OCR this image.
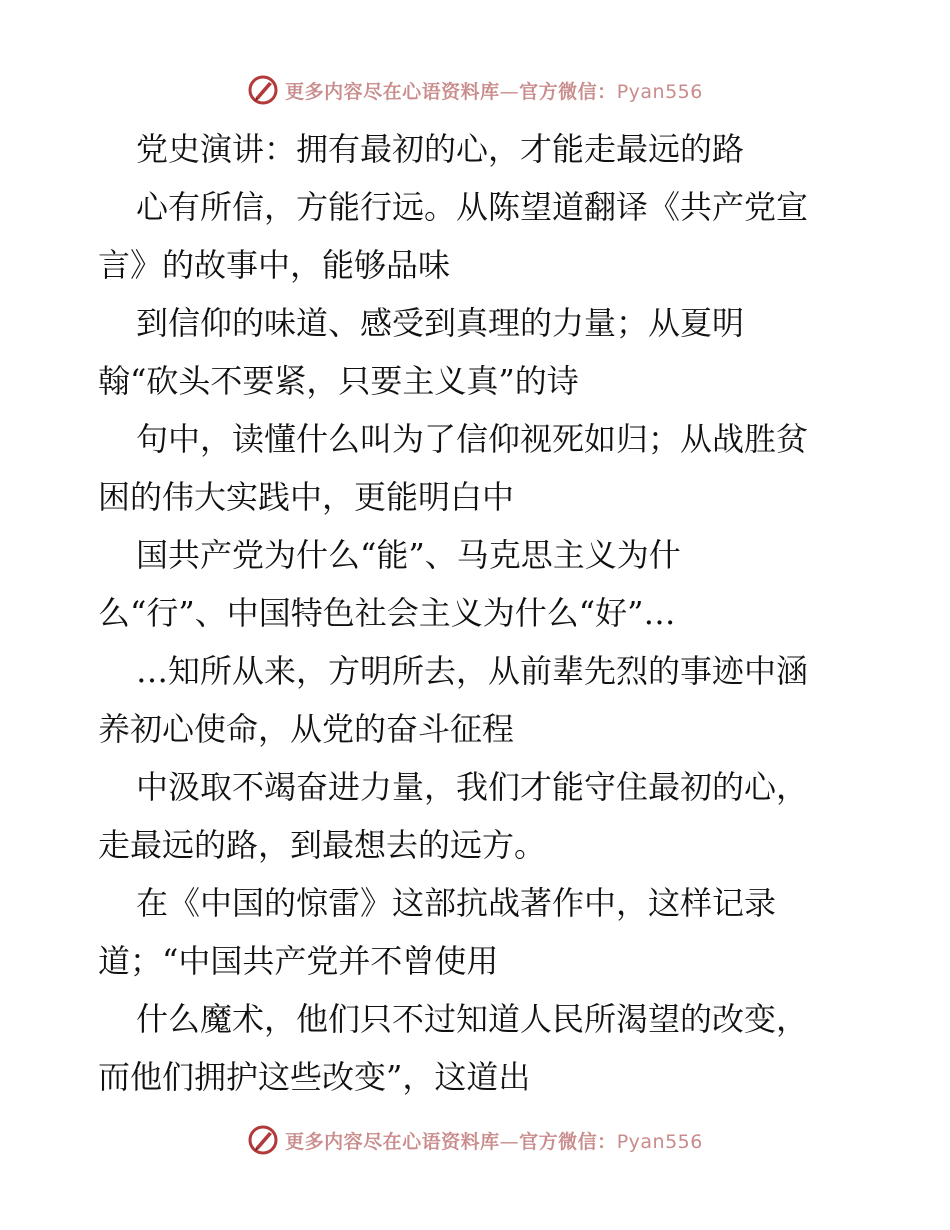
更多内容尽在心语资料库—官方微信：Pyan556
党史演讲：拥有最初的心，才能走最远的路
心有所信，方能行远。从陈望道翻译《共产党宣
言》的故事中，能够品味
到信仰的味道、感受到真理的力量；从夏明
翰“砍头不要紧，只要主义真”的诗
句中，读懂什么叫为了信仰视死如归；从战胜贫
困的伟大实践中，更能明白中
国共产党为什么“能”、马克思主义为什
么“行”、中国特色社会主义为什么“好”…
…知所从来，方明所去，从前辈先烈的事迹中涵
养初心使命，从党的奋斗征程
中汲取不竭奋进力量，我们才能守住最初的心，
走最远的路，到最想去的远方。
在《中国的惊雷》这部抗战著作中，这样记录
道；“中国共产党并不曾使用
什么魔术，他们只不过知道人民所渴望的改变，
而他们拥护这些改变”，这道出
更多内容尽在心语资料库—官方微信：Pyan556
